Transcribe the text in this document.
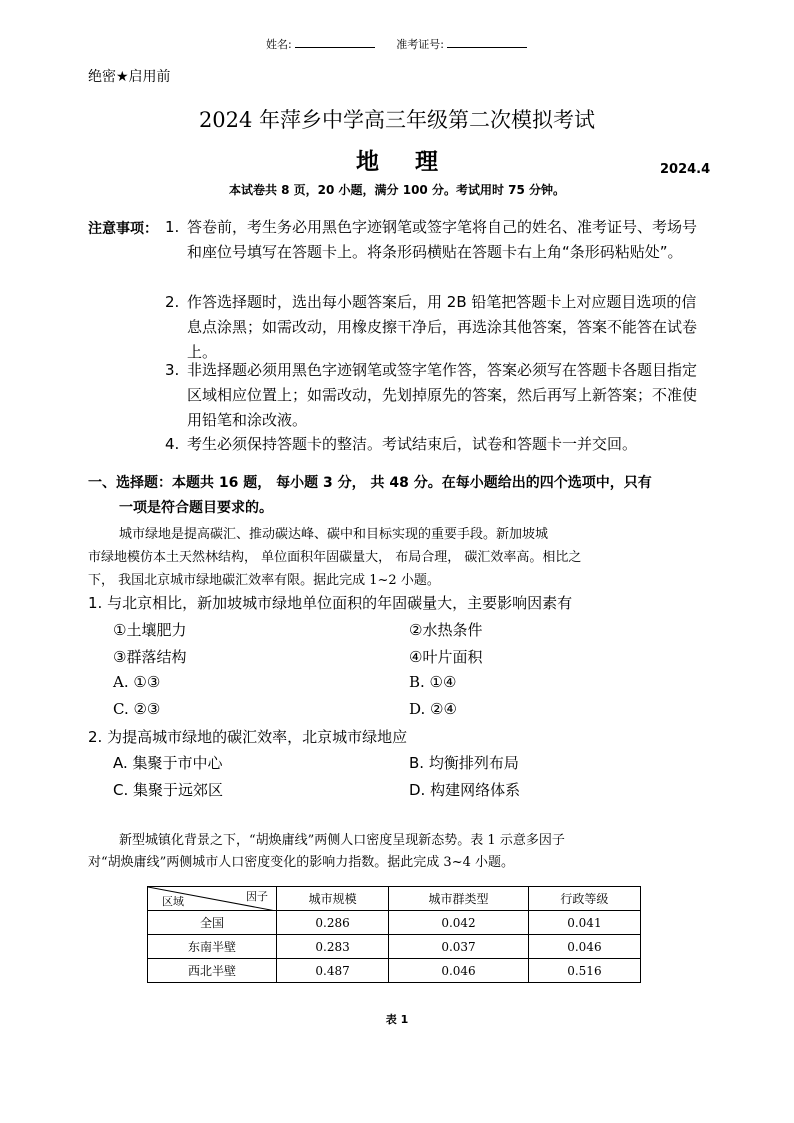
姓名:	准考证号:
绝密★启用前
2024 年萍乡中学高三年级第二次模拟考试
地 理	2024.4
本试卷共 8 页，20 小题，满分 100 分。考试用时 75 分钟。
注意事项： 1. 答卷前，考生务必用黑色字迹钢笔或签字笔将自己的姓名、准考证号、考场号和座位号填写在答题卡上。将条形码横贴在答题卡右上角“条形码粘贴处”。
2. 作答选择题时，选出每小题答案后，用 2B 铅笔把答题卡上对应题目选项的信息点涂黑；如需改动，用橡皮擦干净后，再选涂其他答案，答案不能答在试卷上。
3. 非选择题必须用黑色字迹钢笔或签字笔作答，答案必须写在答题卡各题目指定区域相应位置上；如需改动，先划掉原先的答案，然后再写上新答案；不准使用铅笔和涂改液。
4. 考生必须保持答题卡的整洁。考试结束后，试卷和答题卡一并交回。
一、选择题：本题共 16 题， 每小题 3 分， 共 48 分。在每小题给出的四个选项中，只有
一项是符合题目要求的。
城市绿地是提高碳汇、推动碳达峰、碳中和目标实现的重要手段。新加坡城
市绿地模仿本土天然林结构， 单位面积年固碳量大， 布局合理， 碳汇效率高。相比之
下， 我国北京城市绿地碳汇效率有限。据此完成 1~2 小题。
1. 与北京相比，新加坡城市绿地单位面积的年固碳量大，主要影响因素有
①土壤肥力	②水热条件
③群落结构	④叶片面积
A. ①③	B. ①④
C. ②③	D. ②④
2. 为提高城市绿地的碳汇效率，北京城市绿地应
A. 集聚于市中心	B. 均衡排列布局
C. 集聚于远郊区	D. 构建网络体系
新型城镇化背景之下，“胡焕庸线”两侧人口密度呈现新态势。表 1 示意多因子
对“胡焕庸线”两侧城市人口密度变化的影响力指数。据此完成 3~4 小题。
因子
区域	城市规模	城市群类型	行政等级
全国	0.286	0.042	0.041
东南半壁	0.283	0.037	0.046
西北半壁	0.487	0.046	0.516
表 1
